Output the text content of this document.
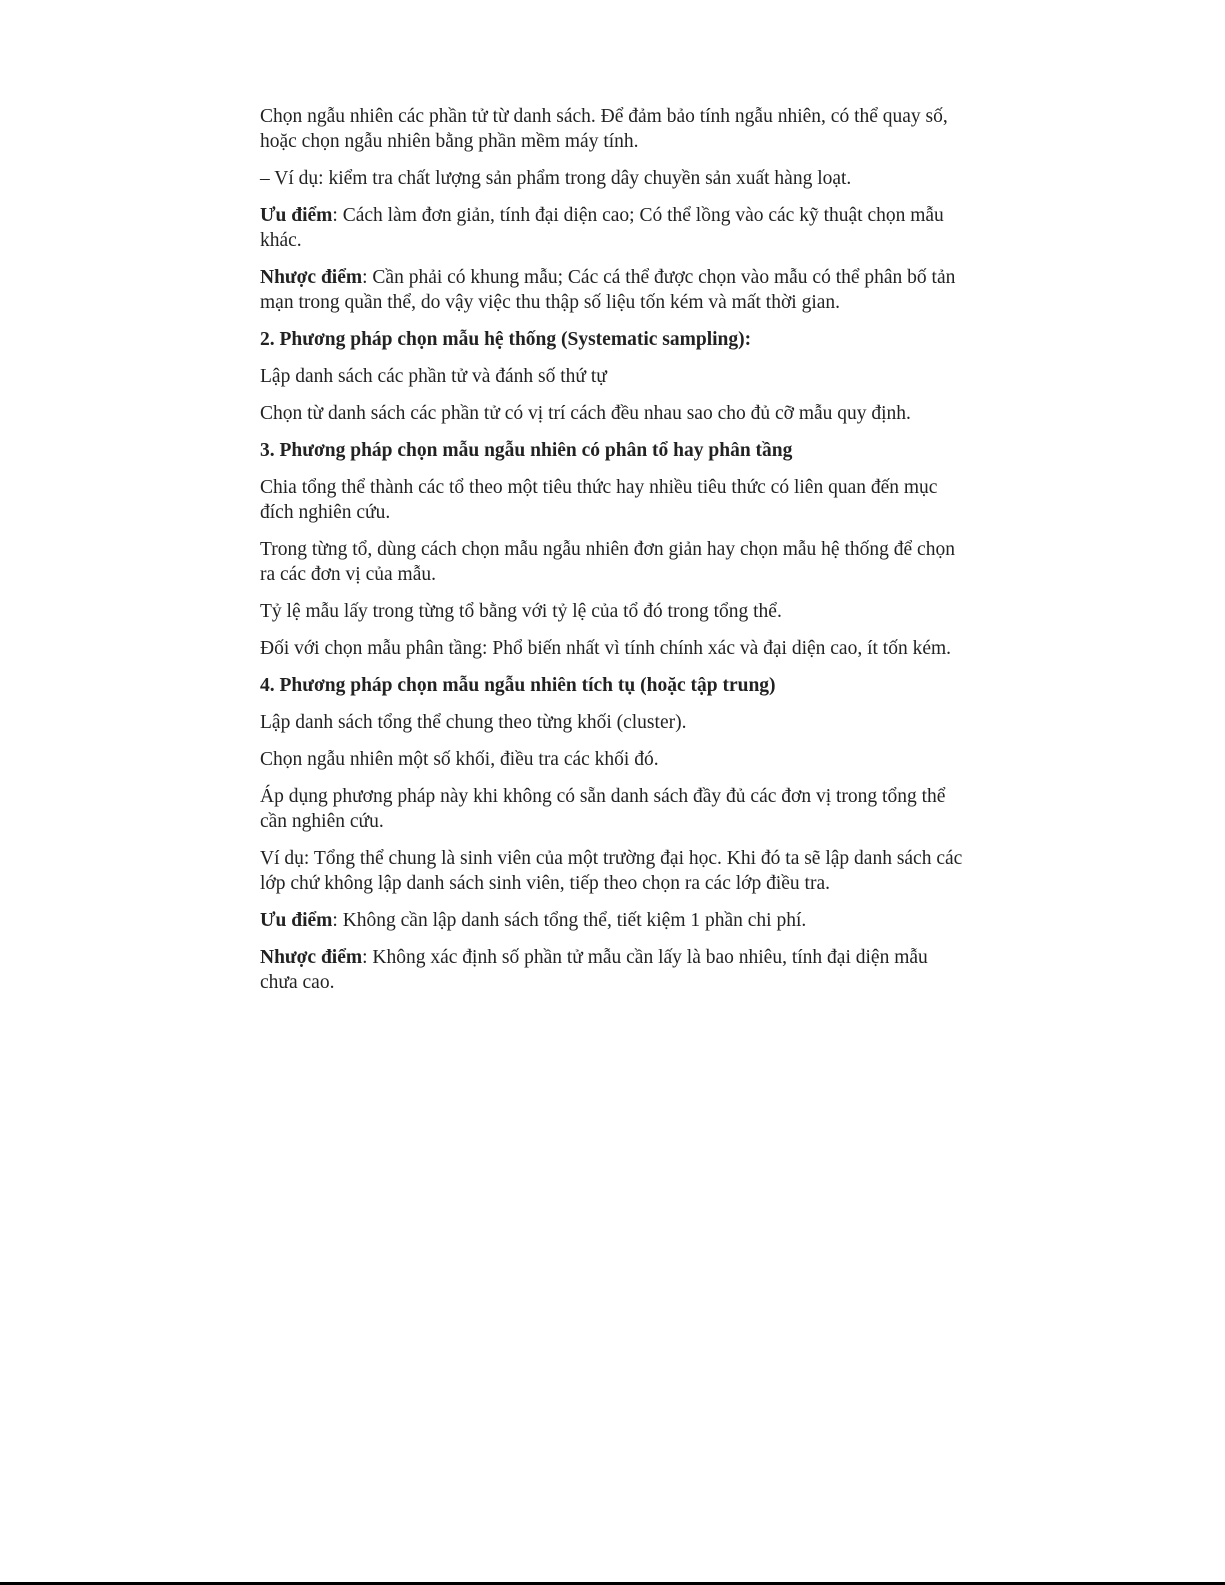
Chọn ngẫu nhiên các phần tử từ danh sách. Để đảm bảo tính ngẫu nhiên, có thể quay số, hoặc chọn ngẫu nhiên bằng phần mềm máy tính.

– Ví dụ: kiểm tra chất lượng sản phẩm trong dây chuyền sản xuất hàng loạt.

Ưu điểm: Cách làm đơn giản, tính đại diện cao; Có thể lồng vào các kỹ thuật chọn mẫu khác.

Nhược điểm: Cần phải có khung mẫu; Các cá thể được chọn vào mẫu có thể phân bố tản mạn trong quần thể, do vậy việc thu thập số liệu tốn kém và mất thời gian.

2. Phương pháp chọn mẫu hệ thống (Systematic sampling):

Lập danh sách các phần tử và đánh số thứ tự

Chọn từ danh sách các phần tử có vị trí cách đều nhau sao cho đủ cỡ mẫu quy định.

3. Phương pháp chọn mẫu ngẫu nhiên có phân tổ hay phân tầng

Chia tổng thể thành các tổ theo một tiêu thức hay nhiều tiêu thức có liên quan đến mục đích nghiên cứu.

Trong từng tổ, dùng cách chọn mẫu ngẫu nhiên đơn giản hay chọn mẫu hệ thống để chọn ra các đơn vị của mẫu.

Tỷ lệ mẫu lấy trong từng tổ bằng với tỷ lệ của tổ đó trong tổng thể.

Đối với chọn mẫu phân tầng: Phổ biến nhất vì tính chính xác và đại diện cao, ít tốn kém.

4. Phương pháp chọn mẫu ngẫu nhiên tích tụ (hoặc tập trung)

Lập danh sách tổng thể chung theo từng khối (cluster).

Chọn ngẫu nhiên một số khối, điều tra các khối đó.

Áp dụng phương pháp này khi không có sẵn danh sách đầy đủ các đơn vị trong tổng thể cần nghiên cứu.

Ví dụ: Tổng thể chung là sinh viên của một trường đại học. Khi đó ta sẽ lập danh sách các lớp chứ không lập danh sách sinh viên, tiếp theo chọn ra các lớp điều tra.

Ưu điểm: Không cần lập danh sách tổng thể, tiết kiệm 1 phần chi phí.

Nhược điểm: Không xác định số phần tử mẫu cần lấy là bao nhiêu, tính đại diện mẫu chưa cao.
